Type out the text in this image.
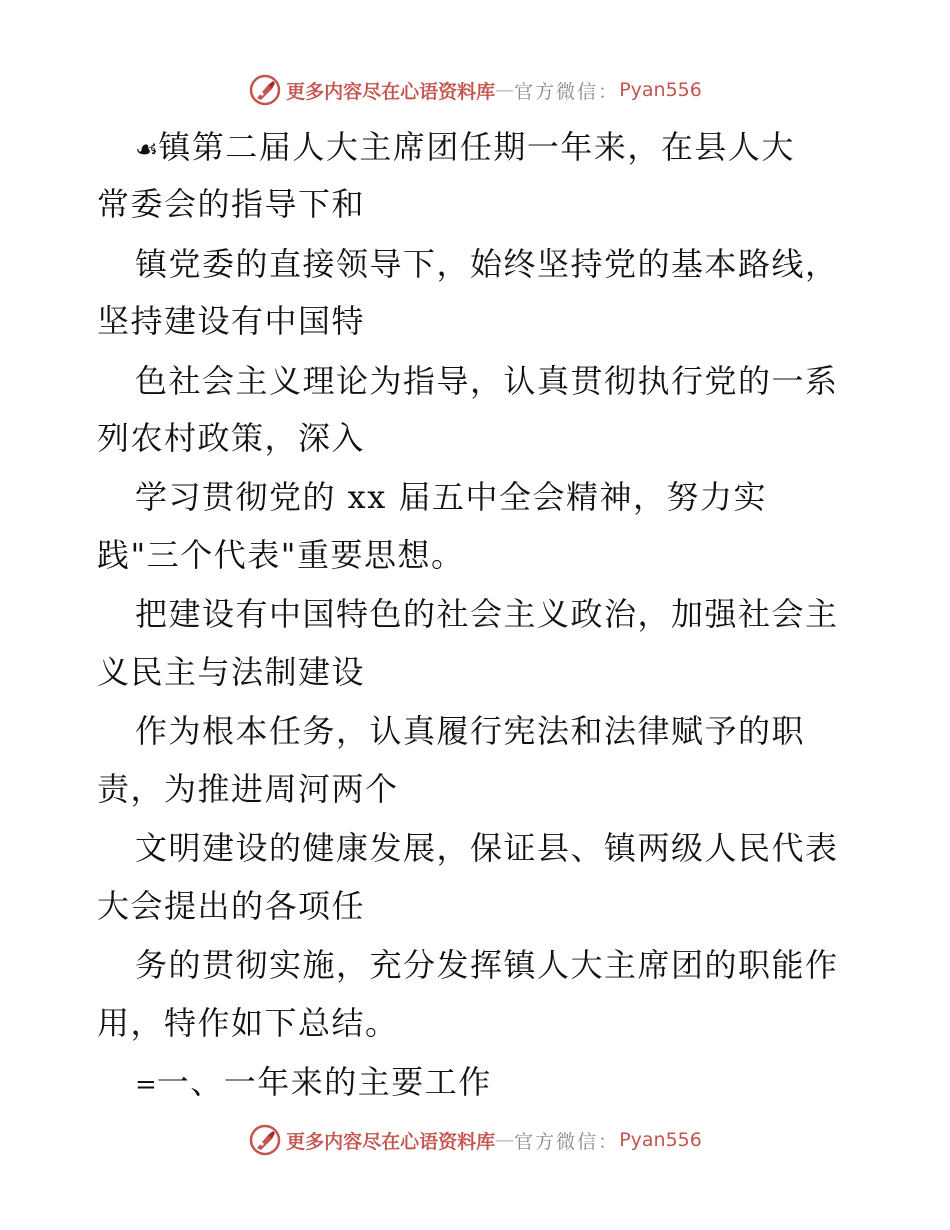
更多内容尽在心语资料库 — 官方微信： Pyan556
☙镇第二届人大主席团任期一年来，在县人大
常委会的指导下和
镇党委的直接领导下，始终坚持党的基本路线，
坚持建设有中国特
色社会主义理论为指导，认真贯彻执行党的一系
列农村政策，深入
学习贯彻党的 xx 届五中全会精神，努力实
践"三个代表"重要思想。
把建设有中国特色的社会主义政治，加强社会主
义民主与法制建设
作为根本任务，认真履行宪法和法律赋予的职
责，为推进周河两个
文明建设的健康发展，保证县、镇两级人民代表
大会提出的各项任
务的贯彻实施，充分发挥镇人大主席团的职能作
用，特作如下总结。
=一、一年来的主要工作
更多内容尽在心语资料库 — 官方微信： Pyan556
